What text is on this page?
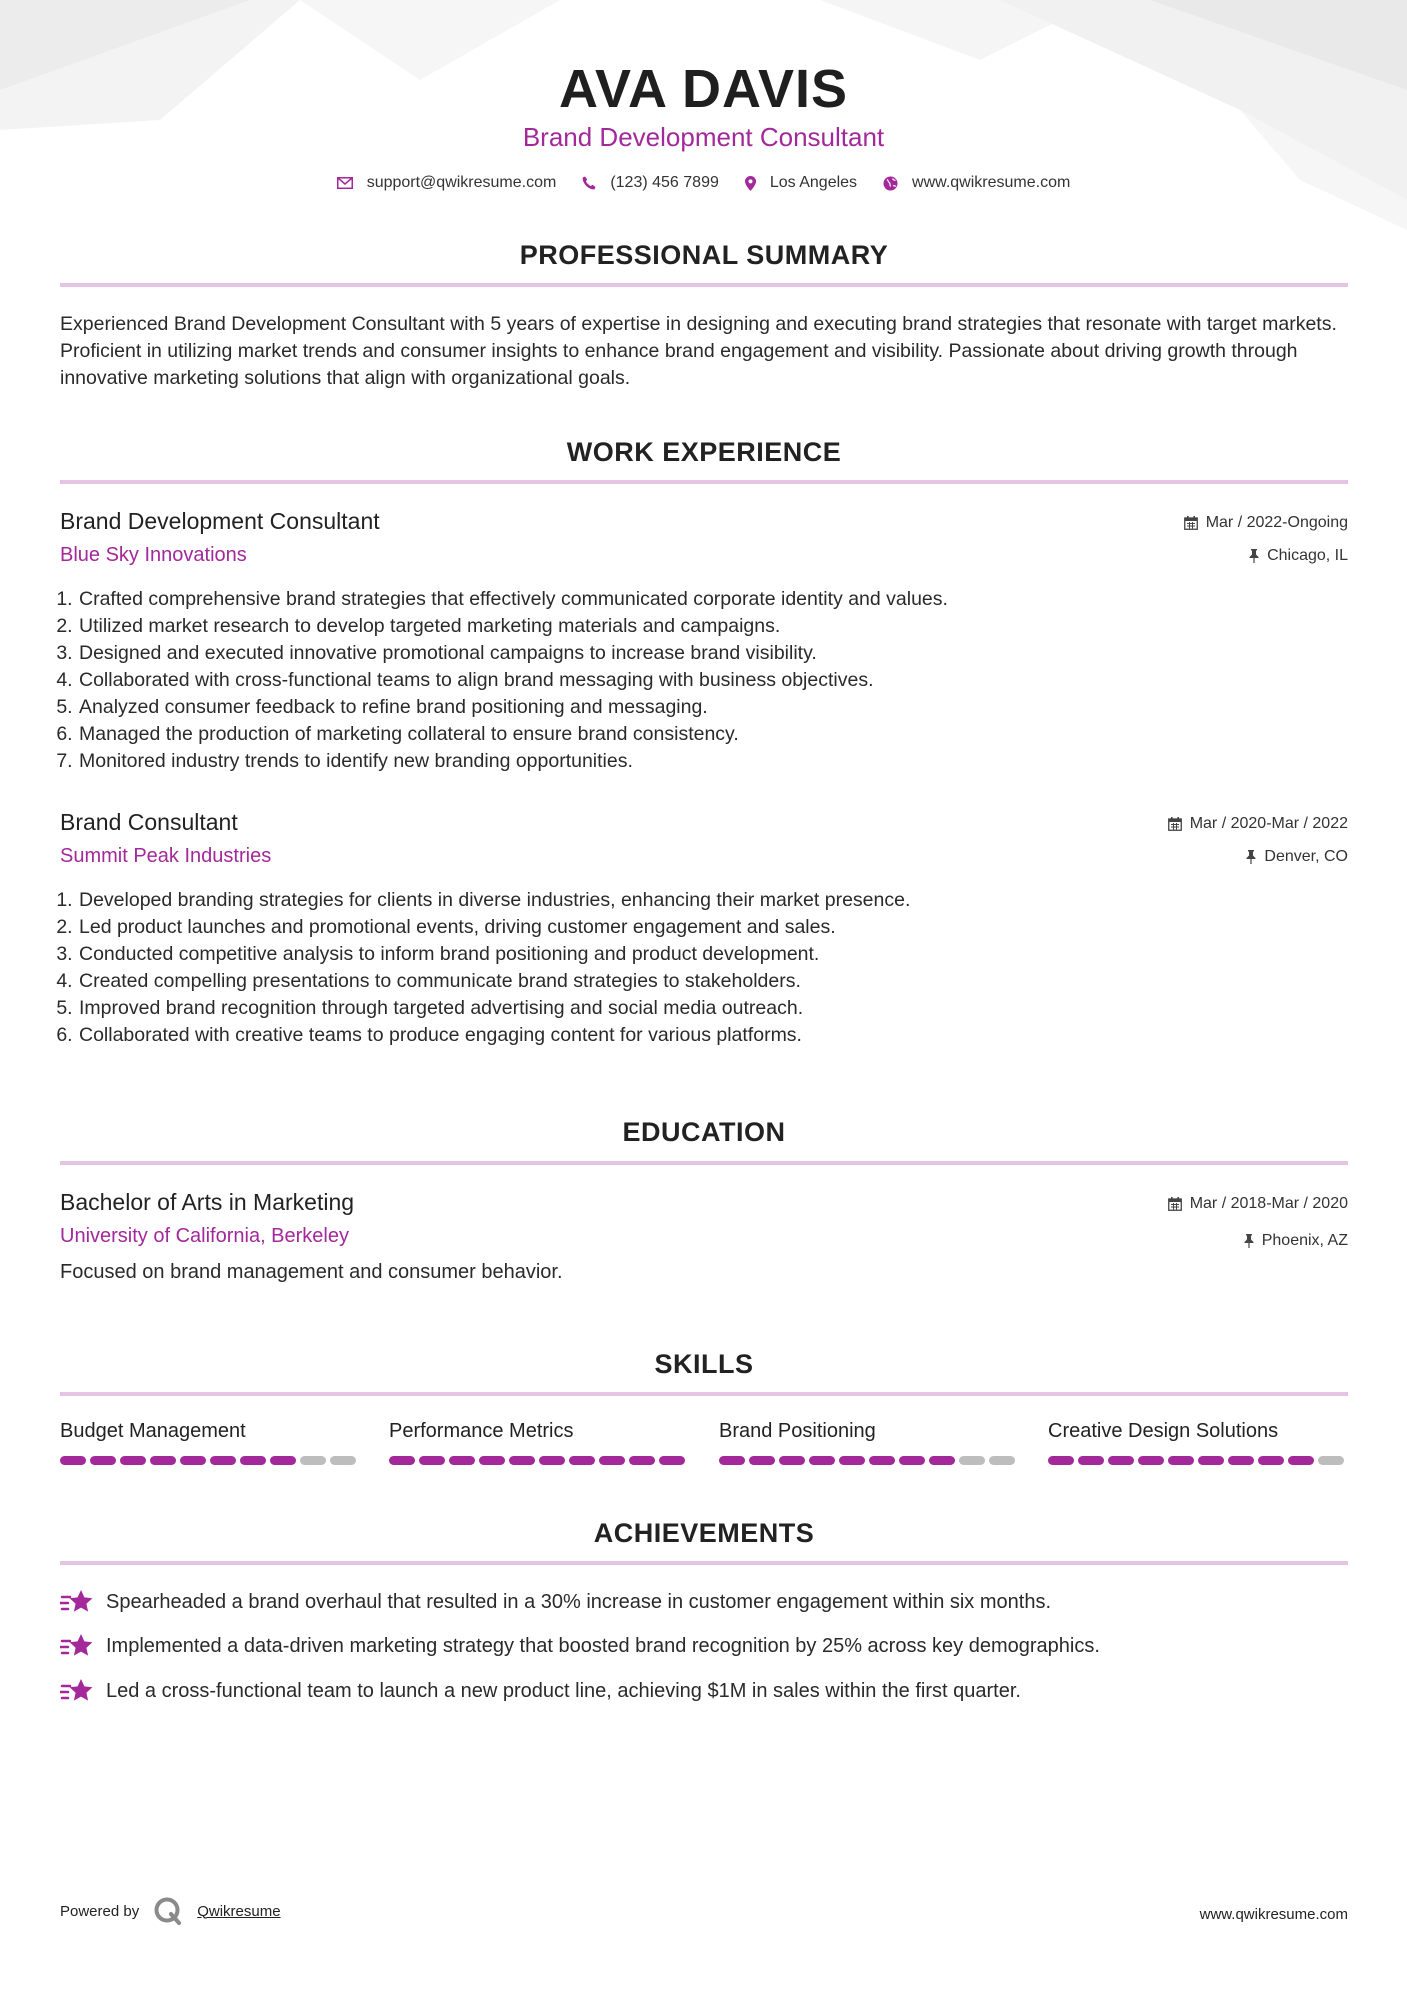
AVA DAVIS
Brand Development Consultant
support@qwikresume.com	(123) 456 7899	Los Angeles	www.qwikresume.com
PROFESSIONAL SUMMARY
Experienced Brand Development Consultant with 5 years of expertise in designing and executing brand strategies that resonate with target markets. Proficient in utilizing market trends and consumer insights to enhance brand engagement and visibility. Passionate about driving growth through innovative marketing solutions that align with organizational goals.
WORK EXPERIENCE
Brand Development Consultant
Blue Sky Innovations
Mar / 2022-Ongoing
Chicago, IL
1. Crafted comprehensive brand strategies that effectively communicated corporate identity and values.
2. Utilized market research to develop targeted marketing materials and campaigns.
3. Designed and executed innovative promotional campaigns to increase brand visibility.
4. Collaborated with cross-functional teams to align brand messaging with business objectives.
5. Analyzed consumer feedback to refine brand positioning and messaging.
6. Managed the production of marketing collateral to ensure brand consistency.
7. Monitored industry trends to identify new branding opportunities.
Brand Consultant
Summit Peak Industries
Mar / 2020-Mar / 2022
Denver, CO
1. Developed branding strategies for clients in diverse industries, enhancing their market presence.
2. Led product launches and promotional events, driving customer engagement and sales.
3. Conducted competitive analysis to inform brand positioning and product development.
4. Created compelling presentations to communicate brand strategies to stakeholders.
5. Improved brand recognition through targeted advertising and social media outreach.
6. Collaborated with creative teams to produce engaging content for various platforms.
EDUCATION
Bachelor of Arts in Marketing
University of California, Berkeley
Mar / 2018-Mar / 2020
Phoenix, AZ
Focused on brand management and consumer behavior.
SKILLS
Budget Management	Performance Metrics	Brand Positioning	Creative Design Solutions
ACHIEVEMENTS
Spearheaded a brand overhaul that resulted in a 30% increase in customer engagement within six months.
Implemented a data-driven marketing strategy that boosted brand recognition by 25% across key demographics.
Led a cross-functional team to launch a new product line, achieving $1M in sales within the first quarter.
Powered by	Qwikresume	www.qwikresume.com
